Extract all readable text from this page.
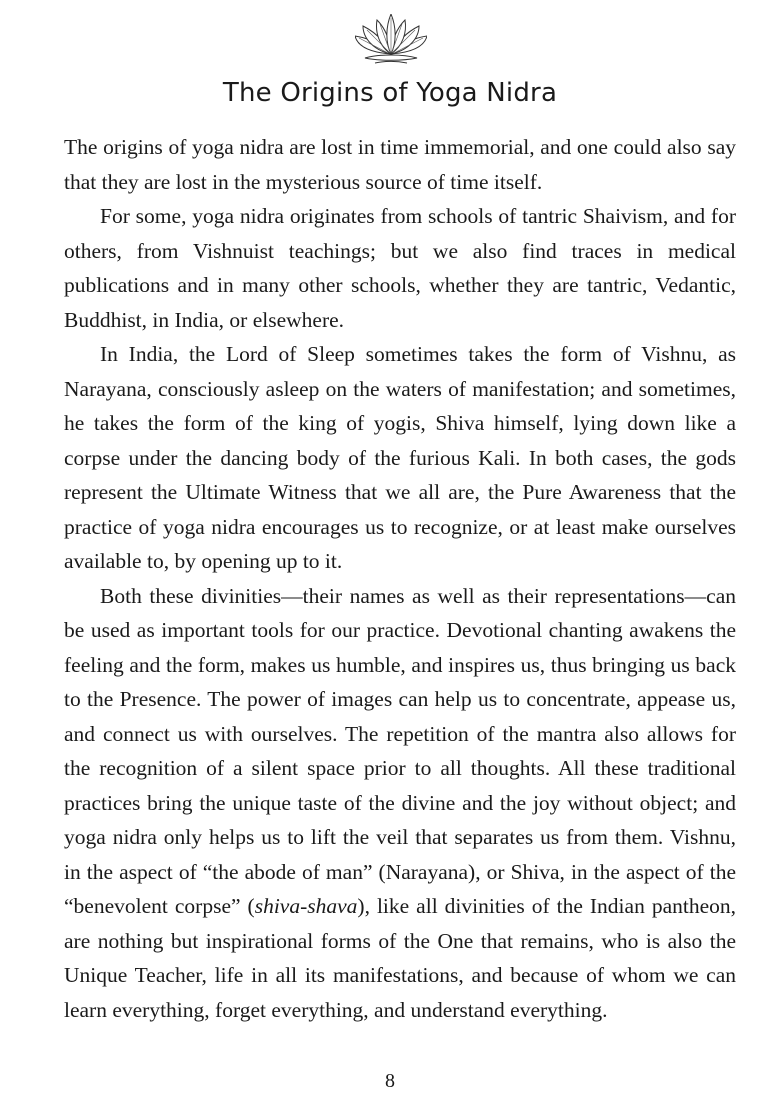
The Origins of Yoga Nidra

The origins of yoga nidra are lost in time immemorial, and one could also say that they are lost in the mysterious source of time itself.

For some, yoga nidra originates from schools of tantric Shaivism, and for others, from Vishnuist teachings; but we also find traces in medical publications and in many other schools, whether they are tantric, Vedantic, Buddhist, in India, or elsewhere.

In India, the Lord of Sleep sometimes takes the form of Vishnu, as Narayana, consciously asleep on the waters of manifestation; and sometimes, he takes the form of the king of yogis, Shiva himself, lying down like a corpse under the dancing body of the furious Kali. In both cases, the gods represent the Ultimate Witness that we all are, the Pure Awareness that the practice of yoga nidra encourages us to recognize, or at least make ourselves available to, by opening up to it.

Both these divinities—their names as well as their representations—can be used as important tools for our practice. Devotional chanting awakens the feeling and the form, makes us humble, and inspires us, thus bringing us back to the Presence. The power of images can help us to concentrate, appease us, and connect us with ourselves. The repetition of the mantra also allows for the recognition of a silent space prior to all thoughts. All these traditional practices bring the unique taste of the divine and the joy without object; and yoga nidra only helps us to lift the veil that separates us from them. Vishnu, in the aspect of “the abode of man” (Narayana), or Shiva, in the aspect of the “benevolent corpse” (shiva-shava), like all divinities of the Indian pantheon, are nothing but inspirational forms of the One that remains, who is also the Unique Teacher, life in all its manifestations, and because of whom we can learn everything, forget everything, and understand everything.

8
